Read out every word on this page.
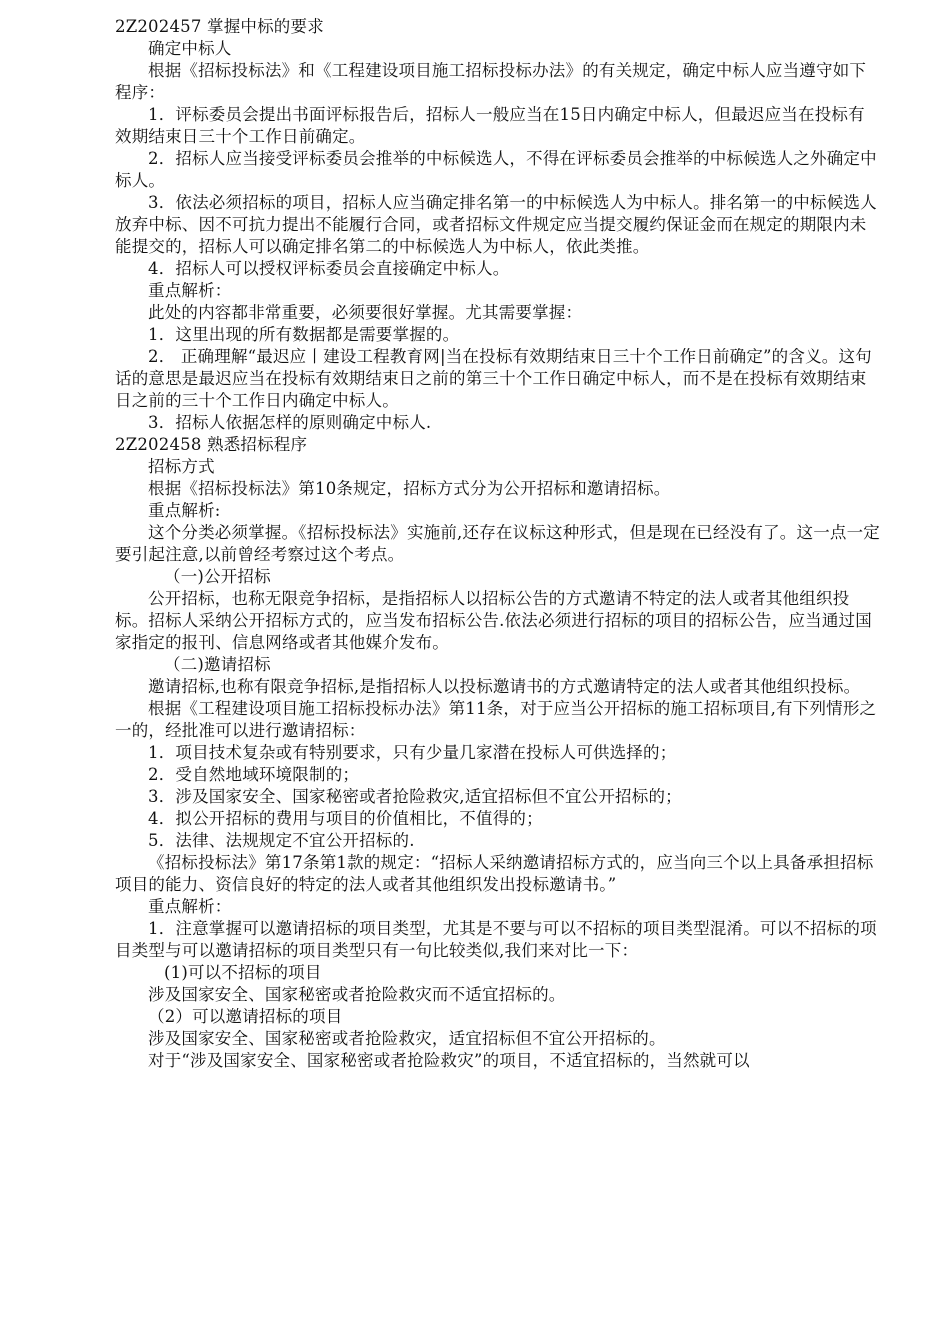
2Z202457 掌握中标的要求

确定中标人

根据《招标投标法》和《工程建设项目施工招标投标办法》的有关规定，确定中标人应当遵守如下程序：

1．评标委员会提出书面评标报告后，招标人一般应当在15日内确定中标人，但最迟应当在投标有效期结束日三十个工作日前确定。

2．招标人应当接受评标委员会推举的中标候选人，不得在评标委员会推举的中标候选人之外确定中标人。

3．依法必须招标的项目，招标人应当确定排名第一的中标候选人为中标人。排名第一的中标候选人放弃中标、因不可抗力提出不能履行合同，或者招标文件规定应当提交履约保证金而在规定的期限内未能提交的，招标人可以确定排名第二的中标候选人为中标人，依此类推。

4．招标人可以授权评标委员会直接确定中标人。

重点解析：

此处的内容都非常重要，必须要很好掌握。尤其需要掌握：

1．这里出现的所有数据都是需要掌握的。

2． 正确理解“最迟应丨建设工程教育网|当在投标有效期结束日三十个工作日前确定”的含义。这句话的意思是最迟应当在投标有效期结束日之前的第三十个工作日确定中标人，而不是在投标有效期结束日之前的三十个工作日内确定中标人。

3．招标人依据怎样的原则确定中标人.

2Z202458 熟悉招标程序

招标方式

根据《招标投标法》第10条规定，招标方式分为公开招标和邀请招标。

重点解析:

这个分类必须掌握。《招标投标法》实施前,还存在议标这种形式，但是现在已经没有了。这一点一定要引起注意,以前曾经考察过这个考点。

（一)公开招标

公开招标，也称无限竞争招标，是指招标人以招标公告的方式邀请不特定的法人或者其他组织投标。招标人采纳公开招标方式的，应当发布招标公告.依法必须进行招标的项目的招标公告，应当通过国家指定的报刊、信息网络或者其他媒介发布。

（二)邀请招标

邀请招标,也称有限竞争招标,是指招标人以投标邀请书的方式邀请特定的法人或者其他组织投标。

根据《工程建设项目施工招标投标办法》第11条，对于应当公开招标的施工招标项目,有下列情形之一的，经批准可以进行邀请招标：

1．项目技术复杂或有特别要求，只有少量几家潜在投标人可供选择的；

2．受自然地域环境限制的；

3．涉及国家安全、国家秘密或者抢险救灾,适宜招标但不宜公开招标的；

4．拟公开招标的费用与项目的价值相比，不值得的；

5．法律、法规规定不宜公开招标的.

《招标投标法》第17条第1款的规定：“招标人采纳邀请招标方式的，应当向三个以上具备承担招标项目的能力、资信良好的特定的法人或者其他组织发出投标邀请书。”

重点解析：

1．注意掌握可以邀请招标的项目类型，尤其是不要与可以不招标的项目类型混淆。可以不招标的项目类型与可以邀请招标的项目类型只有一句比较类似,我们来对比一下：

(1)可以不招标的项目

涉及国家安全、国家秘密或者抢险救灾而不适宜招标的。

（2）可以邀请招标的项目

涉及国家安全、国家秘密或者抢险救灾，适宜招标但不宜公开招标的。

对于“涉及国家安全、国家秘密或者抢险救灾”的项目，不适宜招标的，当然就可以
